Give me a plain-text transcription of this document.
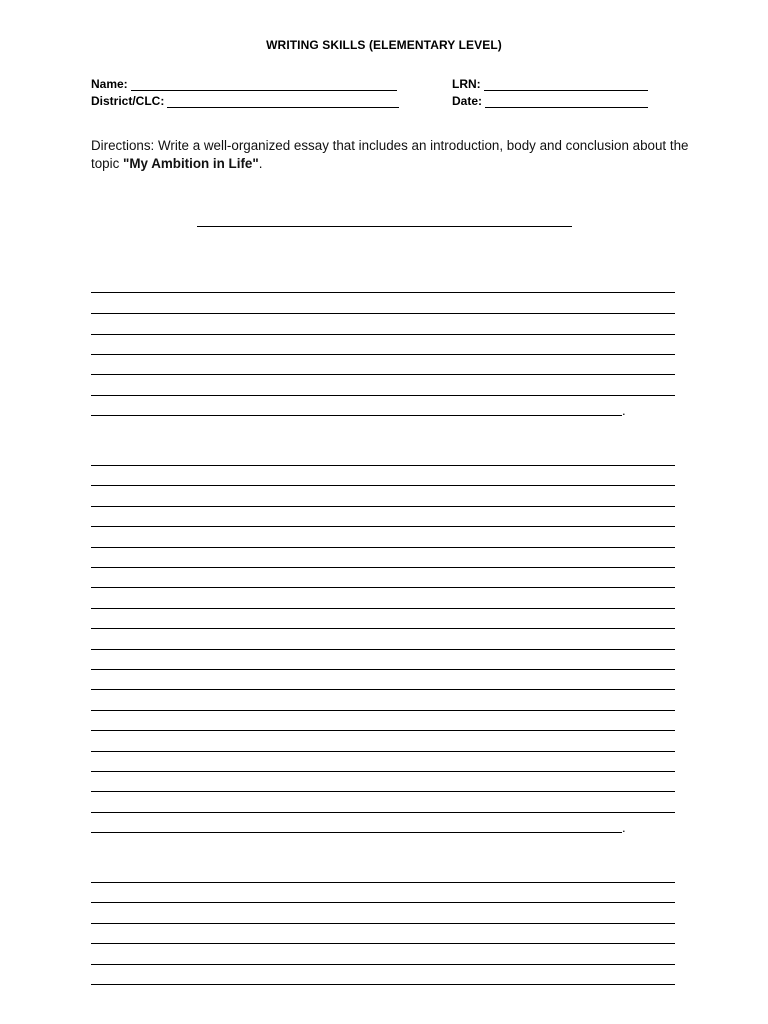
WRITING SKILLS (ELEMENTARY LEVEL)
Name:
District/CLC:
LRN:
Date:
Directions: Write a well-organized essay that includes an introduction, body and conclusion about the topic "My Ambition in Life".
.
.
